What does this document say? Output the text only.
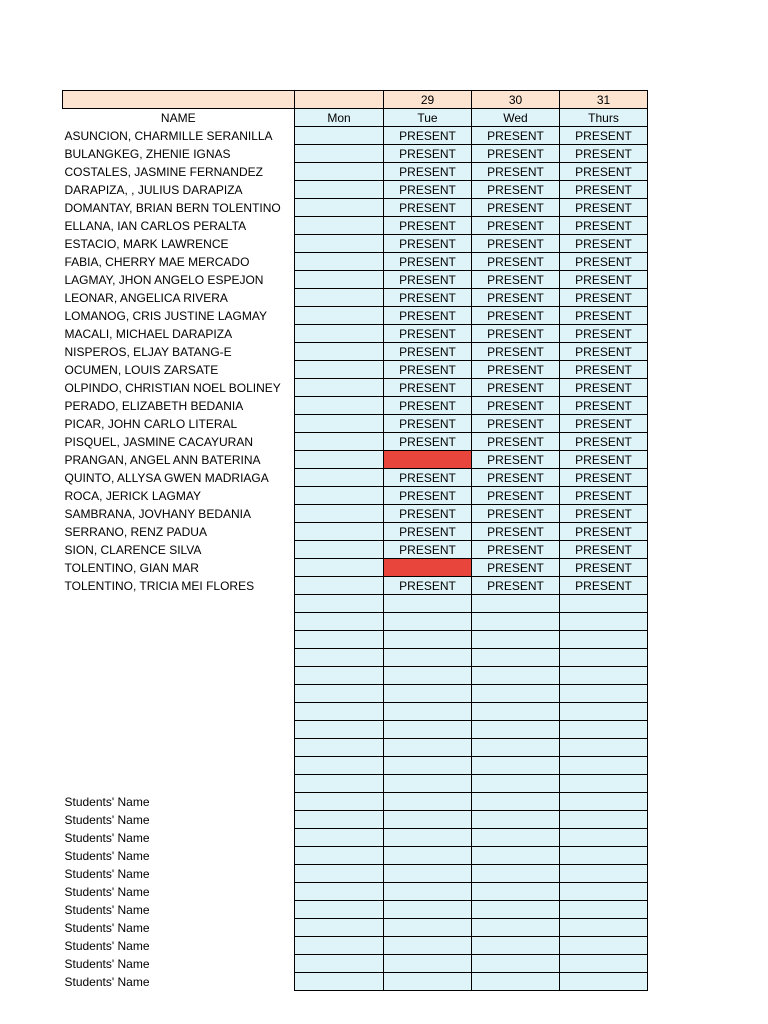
		29	30	31
NAME	Mon	Tue	Wed	Thurs
ASUNCION, CHARMILLE SERANILLA		PRESENT	PRESENT	PRESENT
BULANGKEG, ZHENIE IGNAS		PRESENT	PRESENT	PRESENT
COSTALES, JASMINE FERNANDEZ		PRESENT	PRESENT	PRESENT
DARAPIZA, , JULIUS DARAPIZA		PRESENT	PRESENT	PRESENT
DOMANTAY, BRIAN BERN TOLENTINO		PRESENT	PRESENT	PRESENT
ELLANA, IAN CARLOS PERALTA		PRESENT	PRESENT	PRESENT
ESTACIO, MARK LAWRENCE		PRESENT	PRESENT	PRESENT
FABIA, CHERRY MAE MERCADO		PRESENT	PRESENT	PRESENT
LAGMAY, JHON ANGELO ESPEJON		PRESENT	PRESENT	PRESENT
LEONAR, ANGELICA RIVERA		PRESENT	PRESENT	PRESENT
LOMANOG, CRIS JUSTINE LAGMAY		PRESENT	PRESENT	PRESENT
MACALI, MICHAEL DARAPIZA		PRESENT	PRESENT	PRESENT
NISPEROS, ELJAY BATANG-E		PRESENT	PRESENT	PRESENT
OCUMEN, LOUIS ZARSATE		PRESENT	PRESENT	PRESENT
OLPINDO, CHRISTIAN NOEL BOLINEY		PRESENT	PRESENT	PRESENT
PERADO, ELIZABETH BEDANIA		PRESENT	PRESENT	PRESENT
PICAR, JOHN CARLO LITERAL		PRESENT	PRESENT	PRESENT
PISQUEL, JASMINE CACAYURAN		PRESENT	PRESENT	PRESENT
PRANGAN, ANGEL ANN BATERINA			PRESENT	PRESENT
QUINTO, ALLYSA GWEN MADRIAGA		PRESENT	PRESENT	PRESENT
ROCA, JERICK LAGMAY		PRESENT	PRESENT	PRESENT
SAMBRANA, JOVHANY BEDANIA		PRESENT	PRESENT	PRESENT
SERRANO, RENZ PADUA		PRESENT	PRESENT	PRESENT
SION, CLARENCE SILVA		PRESENT	PRESENT	PRESENT
TOLENTINO, GIAN MAR			PRESENT	PRESENT
TOLENTINO, TRICIA MEI FLORES		PRESENT	PRESENT	PRESENT

Students' Name				
Students' Name				
Students' Name				
Students' Name				
Students' Name				
Students' Name				
Students' Name				
Students' Name				
Students' Name				
Students' Name				
Students' Name				
